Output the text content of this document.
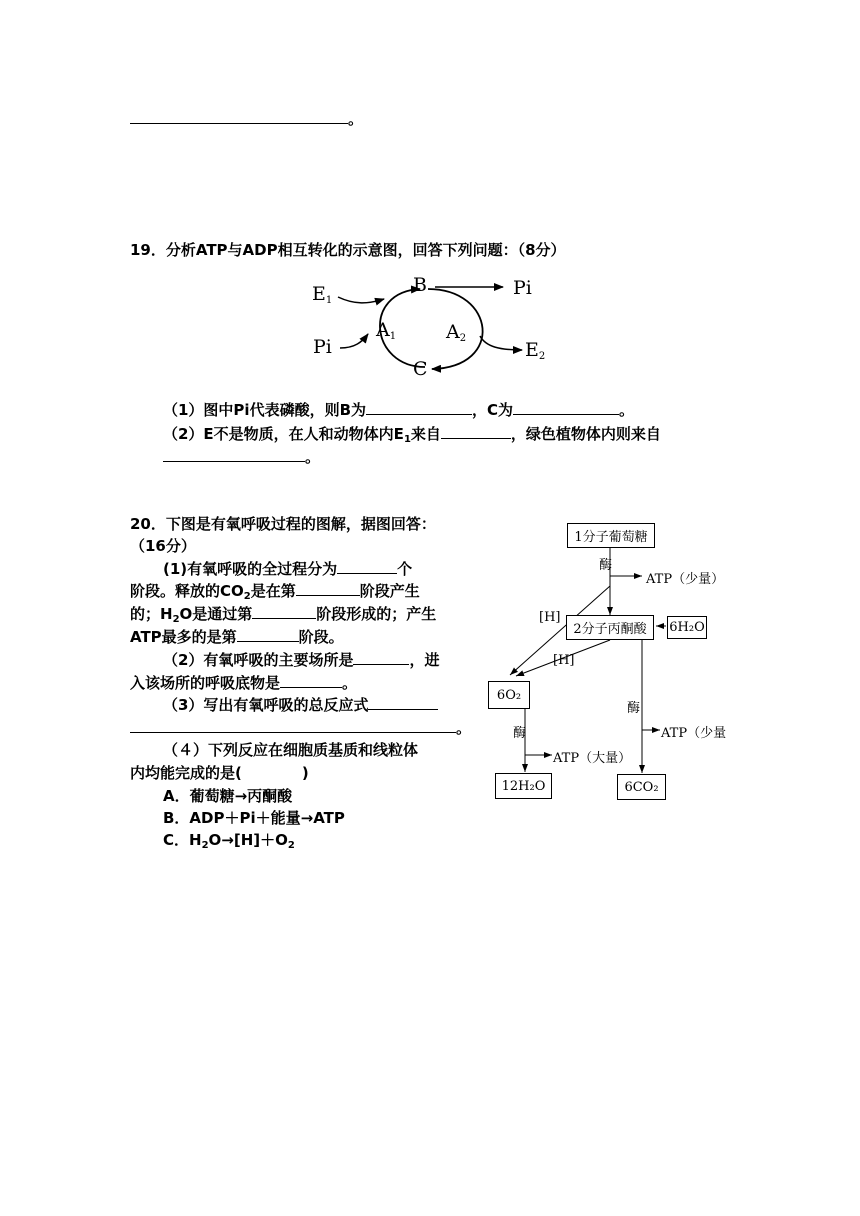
。
19．分析ATP与ADP相互转化的示意图，回答下列问题：（8分）
$E_1$
B	Pi
Pi
$A_1$	$A_2$
C
$E_2$
（1）图中Pi代表磷酸，则B为	，C为	。
（2）E不是物质，在人和动物体内$E_1$来自	，绿色植物体内则来自
。
20．下图是有氧呼吸过程的图解，据图回答：
（16分）
(1)有氧呼吸的全过程分为	个
阶段。释放的$CO_2$是在第	阶段产生
的；$H_2O$是通过第	阶段形成的；产生
ATP最多的是第	阶段。
（2）有氧呼吸的主要场所是	，进
入该场所的呼吸底物是	。
（3）写出有氧呼吸的总反应式
。
（４）下列反应在细胞质基质和线粒体
内均能完成的是(	)
A．葡萄糖→丙酮酸
B．ADP＋Pi＋能量→ATP
C．$H_2O\to[H]+O_2$
1分子葡萄糖
酶
ATP（少量）
[H]
2分子丙酮酸	6H₂O
[H]
6O₂
酶
酶	ATP（少量
ATP（大量）
12H₂O	6CO₂
